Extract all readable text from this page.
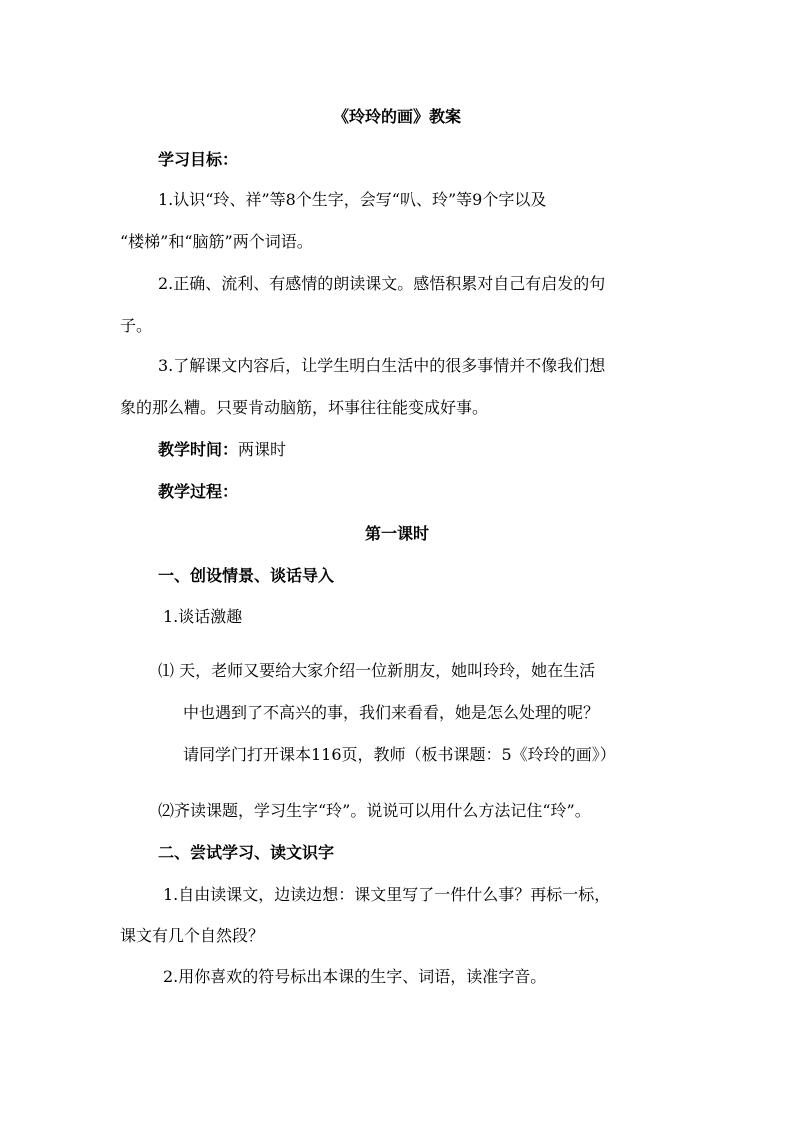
《玲玲的画》教案
学习目标：
1.认识“玲、祥”等8个生字，会写“叭、玲”等9个字以及
“楼梯”和“脑筋”两个词语。
2.正确、流利、有感情的朗读课文。感悟积累对自己有启发的句
子。
3.了解课文内容后，让学生明白生活中的很多事情并不像我们想
象的那么糟。只要肯动脑筋，坏事往往能变成好事。
教学时间：两课时
教学过程：
第一课时
一、创设情景、谈话导入
1.谈话激趣
⑴ 天，老师又要给大家介绍一位新朋友，她叫玲玲，她在生活
中也遇到了不高兴的事，我们来看看，她是怎么处理的呢？
请同学门打开课本116页，教师（板书课题：5《玲玲的画》）
⑵齐读课题，学习生字“玲”。说说可以用什么方法记住“玲”。
二、尝试学习、读文识字
1.自由读课文，边读边想：课文里写了一件什么事？再标一标，
课文有几个自然段？
2.用你喜欢的符号标出本课的生字、词语，读准字音。
